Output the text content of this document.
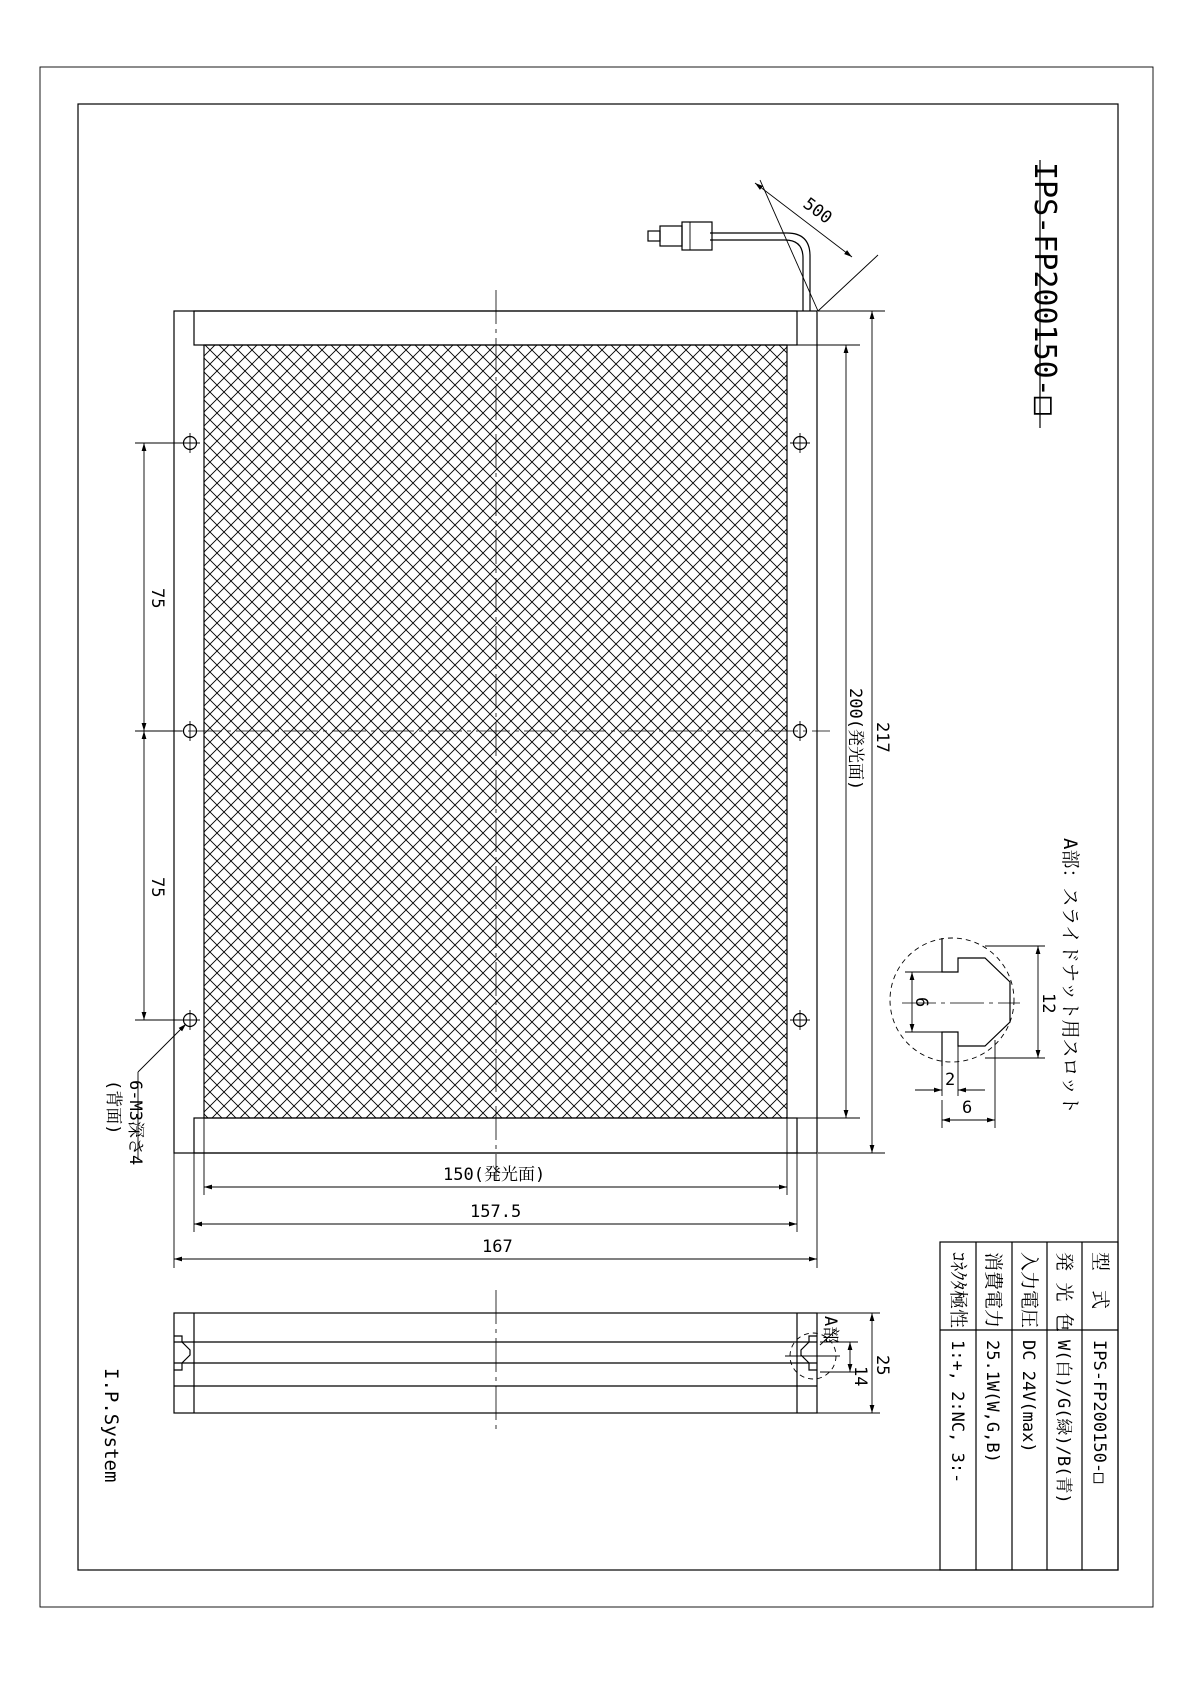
500
75
75
200(発光面) 217
150(発光面)
157.5
167
6-M3深さ4
(背面)
A部
14
25
6	12
2
6	A部：スライドナット用スロット
IPS-FP200150-□
型　式
IPS-FP200150-□
発 光 色
W(白)/G(緑)/B(青)
入力電圧
DC 24V(max)
消費電力
25.1W(W,G,B)
ｺﾈｸﾀ極性
1:+, 2:NC, 3:-
I.P.System
